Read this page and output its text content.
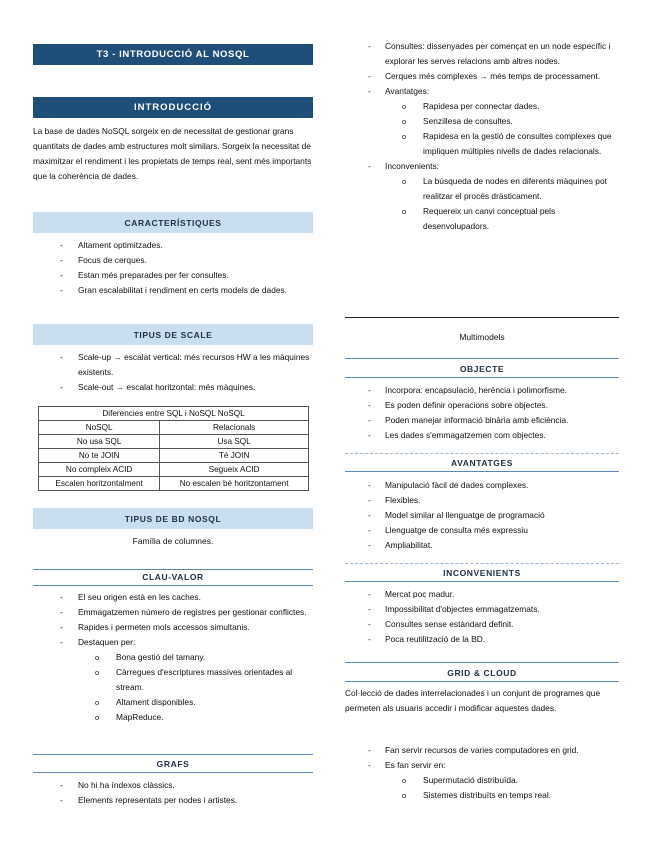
T3 - INTRODUCCIÓ AL NOSQL
INTRODUCCIÓ
La base de dades NoSQL sorgeix en de necessitat de gestionar grans quantitats de dades amb estructures molt similars. Sorgeix la necessitat de maximitzar el rendiment i les propietats de temps real, sent més importants que la coherència de dades.
CARACTERÍSTIQUES
- Altament optimitzades.
- Focus de cerques.
- Estan més preparades per fer consultes.
- Gran escalabilitat i rendiment en certs models de dades.
TIPUS DE SCALE
- Scale-up → escalat vertical: més recursos HW a les màquines existents.
- Scale-out → escalat horitzontal: més màquines.
Diferencies entre SQL i NoSQL NoSQL	
NoSQL	Relacionals
No usa SQL	Usa SQL
No te JOIN	Té JOIN
No compleix ACID	Segueix ACID
Escalen horitzontalment	No escalen bé horitzontament
TIPUS DE BD NOSQL
Família de columnes.
CLAU-VALOR
- El seu origen està en les caches.
- Emmagatzemen número de registres per gestionar conflictes.
- Rapides i permeten mols accessos simultanis.
- Destaquen per:
o Bona gestió del tamany.
o Càrregues d'escriptures massives orientades al stream.
o Altament disponibles.
o MapReduce.
GRAFS
- No hi ha índexos clàssics.
- Elements representats per nodes i artistes.
- Consultes: dissenyades per començat en un node específic i explorar les serves relacions amb altres nodes.
- Cerques més complexes → més temps de processament.
- Avantatges:
o Rapidesa per connectar dades.
o Senzillesa de consultes.
o Rapidesa en la gestió de consultes complexes que impliquen múltiples nivells de dades relacionals.
- Inconvenients:
o La búsqueda de nodes en diferents màquines pot realitzar el procés dràsticament.
o Requereix un canvi conceptual pels desenvolupadors.
Multimodels
OBJECTE
- Incorpora: encapsulació, herència i polimorfisme.
- Es poden definir operacions sobre objectes.
- Poden manejar informació binària amb eficiència.
- Les dades s'emmagatzemen com objectes.
AVANTATGES
- Manipulació fàcil de dades complexes.
- Flexibles.
- Model similar al llenguatge de programació
- Llenguatge de consulta més expressiu
- Ampliabilitat.
INCONVENIENTS
- Mercat poc madur.
- Impossibilitat d'objectes emmagatzemats.
- Consultes sense estàndard definit.
- Poca reutilització de la BD.
GRID & CLOUD
Col·lecció de dades interrelacionades i un conjunt de programes que permeten als usuaris accedir i modificar aquestes dades.
- Fan servir recursos de varies computadores en grid.
- Es fan servir en:
o Supermutació distribuïda.
o Sistemes distribuïts en temps real.
